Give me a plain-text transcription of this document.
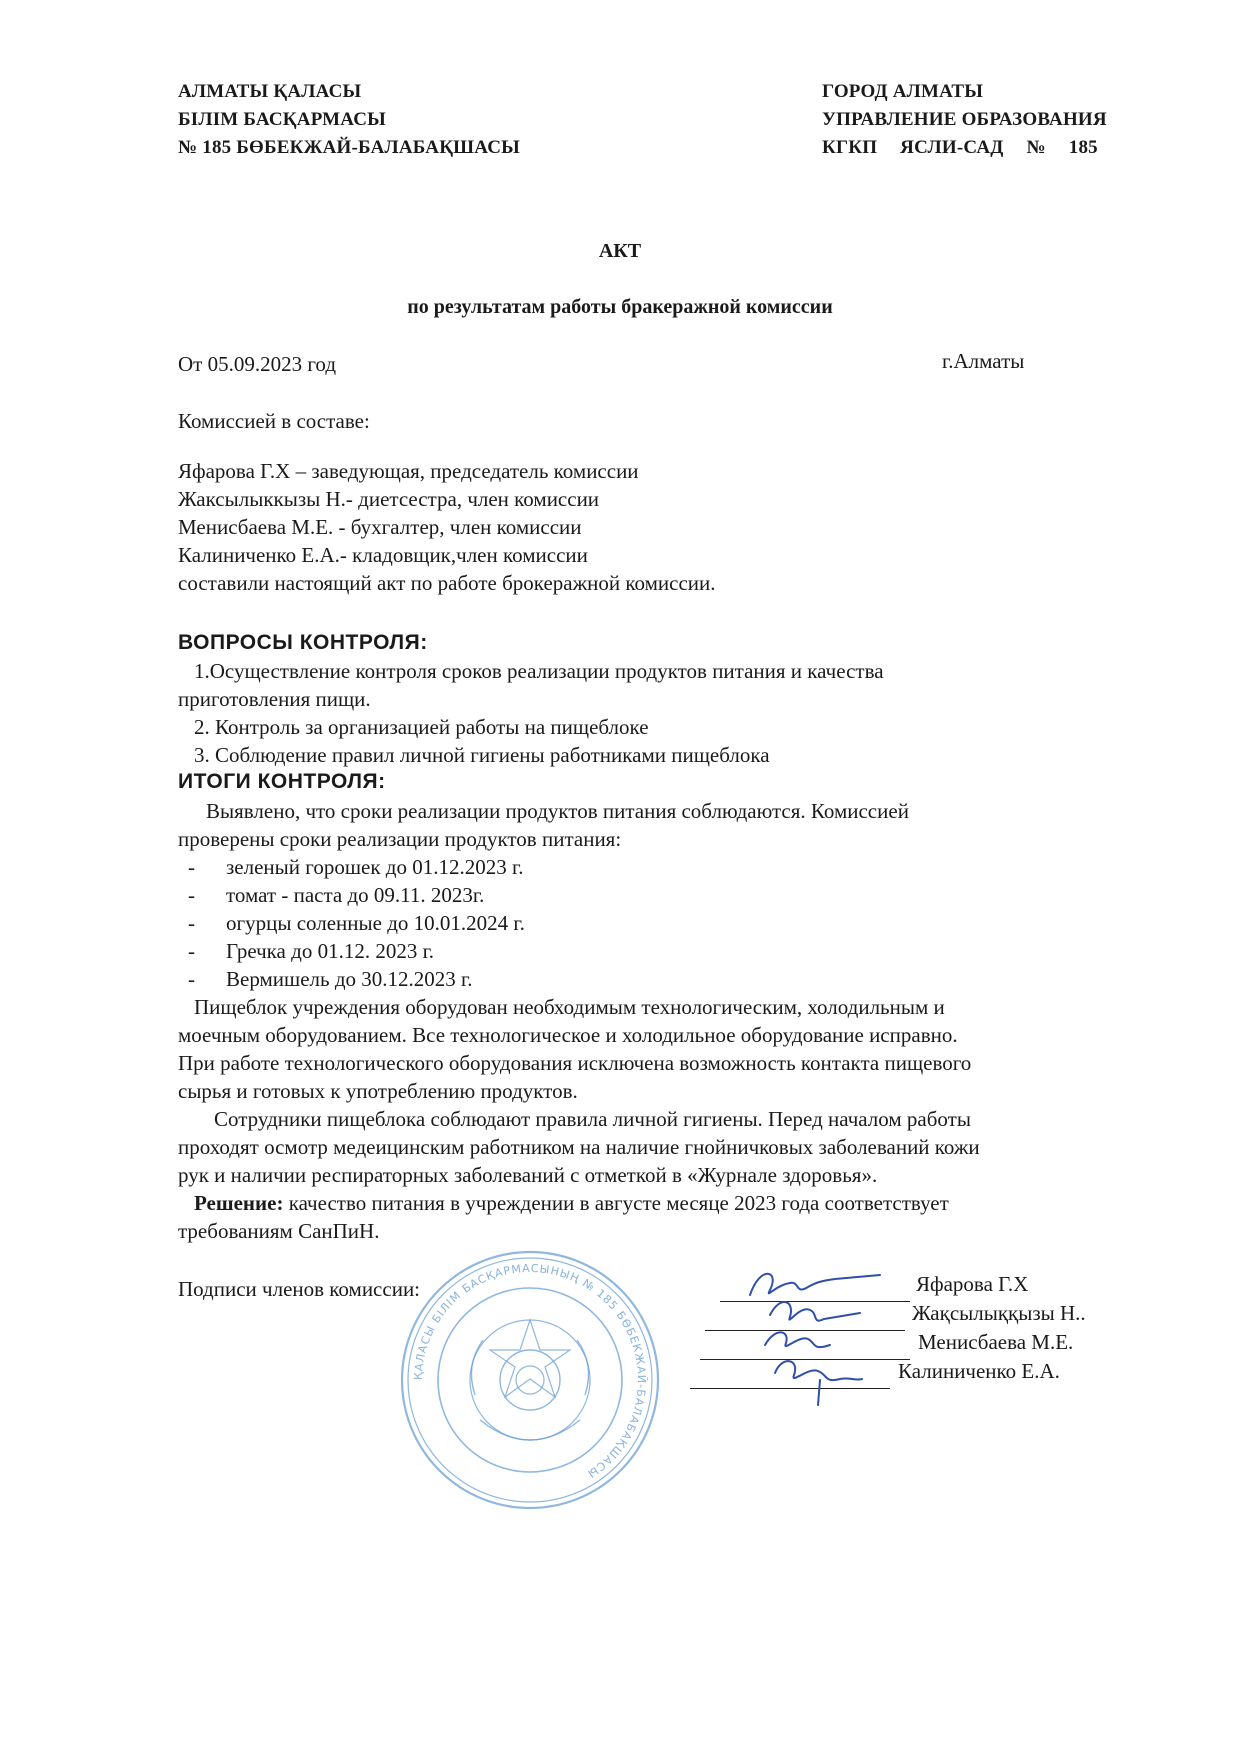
АЛМАТЫ ҚАЛАСЫ
БІЛІМ БАСҚАРМАСЫ
№ 185 БӨБЕКЖАЙ-БАЛАБАҚШАСЫ
ГОРОД АЛМАТЫ
УПРАВЛЕНИЕ ОБРАЗОВАНИЯ
КГКП ЯСЛИ-САД № 185
АКТ
по результатам работы бракеражной комиссии
От 05.09.2023 год	г.Алматы
Комиссией в составе:
Яфарова Г.Х – заведующая, председатель комиссии
Жаксылыккызы Н.- диетсестра, член комиссии
Менисбаева М.Е. - бухгалтер, член комиссии
Калиниченко Е.А.- кладовщик,член комиссии
составили настоящий акт по работе брокеражной комиссии.
ВОПРОСЫ КОНТРОЛЯ:
1.Осуществление контроля сроков реализации продуктов питания и качества
приготовления пищи.
2. Контроль за организацией работы на пищеблоке
3. Соблюдение правил личной гигиены работниками пищеблока
ИТОГИ КОНТРОЛЯ:
Выявлено, что сроки реализации продуктов питания соблюдаются. Комиссией
проверены сроки реализации продуктов питания:
- зеленый горошек до 01.12.2023 г.
- томат - паста до 09.11. 2023г.
- огурцы соленные до 10.01.2024 г.
- Гречка до 01.12. 2023 г.
- Вермишель до 30.12.2023 г.
Пищеблок учреждения оборудован необходимым технологическим, холодильным и
моечным оборудованием. Все технологическое и холодильное оборудование исправно.
При работе технологического оборудования исключена возможность контакта пищевого
сырья и готовых к употреблению продуктов.
Сотрудники пищеблока соблюдают правила личной гигиены. Перед началом работы
проходят осмотр медеицинским работником на наличие гнойничковых заболеваний кожи
рук и наличии респираторных заболеваний с отметкой в «Журнале здоровья».
Решение: качество питания в учреждении в августе месяце 2023 года соответствует
требованиям СанПиН.
Подписи членов комиссии:
ҚАЛАСЫ БІЛІМ БАСҚАРМАСЫНЫҢ № 185 БӨБЕКЖАЙ-БАЛАБАҚШАСЫ
Яфарова Г.Х
Жақсылыққызы Н..
Менисбаева М.Е.
Калиниченко Е.А.
